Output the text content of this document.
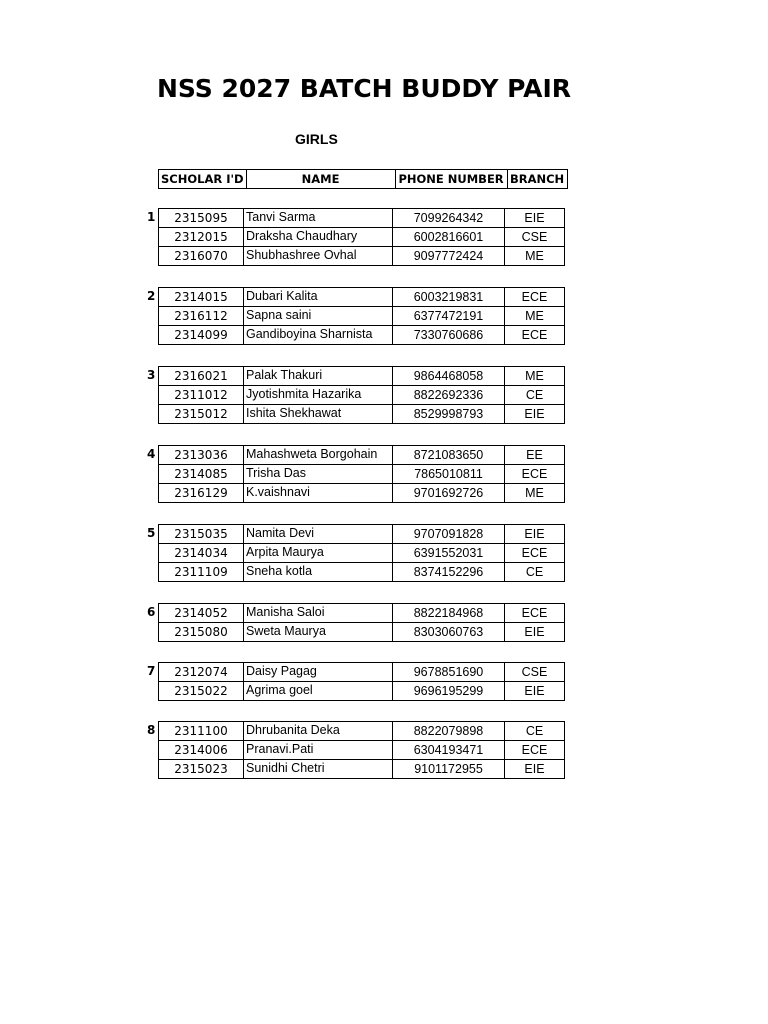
NSS 2027 BATCH BUDDY PAIR
GIRLS
SCHOLAR I'D	NAME	PHONE NUMBER	BRANCH
1 2315095	Tanvi Sarma	7099264342	EIE
2312015	Draksha Chaudhary	6002816601	CSE
2316070	Shubhashree Ovhal	9097772424	ME
2 2314015	Dubari Kalita	6003219831	ECE
2316112	Sapna saini	6377472191	ME
2314099	Gandiboyina Sharnista	7330760686	ECE
3 2316021	Palak Thakuri	9864468058	ME
2311012	Jyotishmita Hazarika	8822692336	CE
2315012	Ishita Shekhawat	8529998793	EIE
4 2313036	Mahashweta Borgohain	8721083650	EE
2314085	Trisha Das	7865010811	ECE
2316129	K.vaishnavi	9701692726	ME
5 2315035	Namita Devi	9707091828	EIE
2314034	Arpita Maurya	6391552031	ECE
2311109	Sneha kotla	8374152296	CE
6 2314052	Manisha Saloi	8822184968	ECE
2315080	Sweta Maurya	8303060763	EIE
7 2312074	Daisy Pagag	9678851690	CSE
2315022	Agrima goel	9696195299	EIE
8 2311100	Dhrubanita Deka	8822079898	CE
2314006	Pranavi.Pati	6304193471	ECE
2315023	Sunidhi Chetri	9101172955	EIE
